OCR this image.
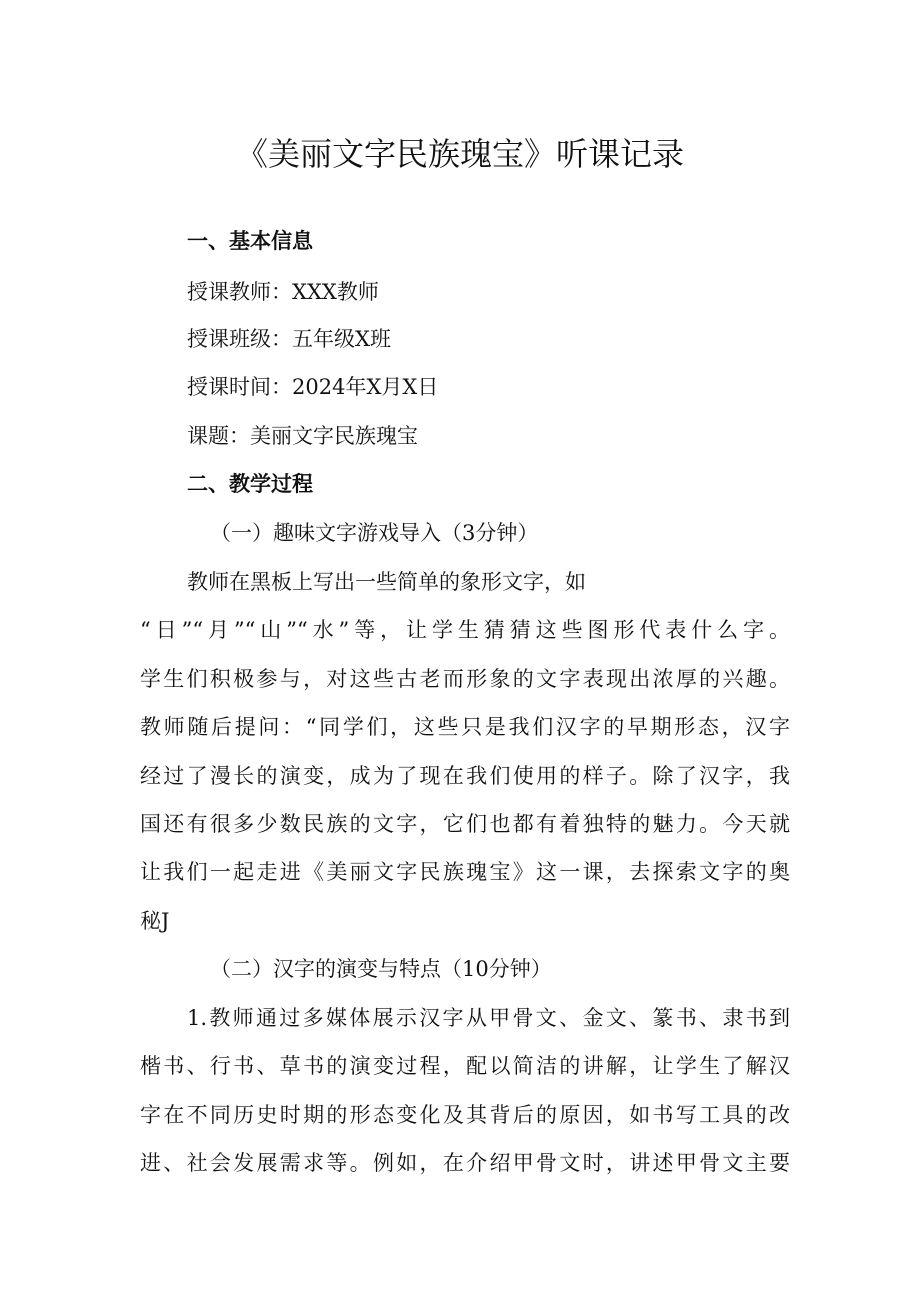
《美丽文字民族瑰宝》听课记录
一、基本信息
授课教师：XXX教师
授课班级：五年级X班
授课时间：2024年X月X日
课题：美丽文字民族瑰宝
二、教学过程
（一）趣味文字游戏导入（3分钟）
教师在黑板上写出一些简单的象形文字，如
“日”“月”“山”“水”等，让学生猜猜这些图形代表什么字。
学生们积极参与，对这些古老而形象的文字表现出浓厚的兴趣。
教师随后提问：“同学们，这些只是我们汉字的早期形态，汉字
经过了漫长的演变，成为了现在我们使用的样子。除了汉字，我
国还有很多少数民族的文字，它们也都有着独特的魅力。今天就
让我们一起走进《美丽文字民族瑰宝》这一课，去探索文字的奥
秘J
（二）汉字的演变与特点（10分钟）
1.教师通过多媒体展示汉字从甲骨文、金文、篆书、隶书到
楷书、行书、草书的演变过程，配以简洁的讲解，让学生了解汉
字在不同历史时期的形态变化及其背后的原因，如书写工具的改
进、社会发展需求等。例如，在介绍甲骨文时，讲述甲骨文主要
